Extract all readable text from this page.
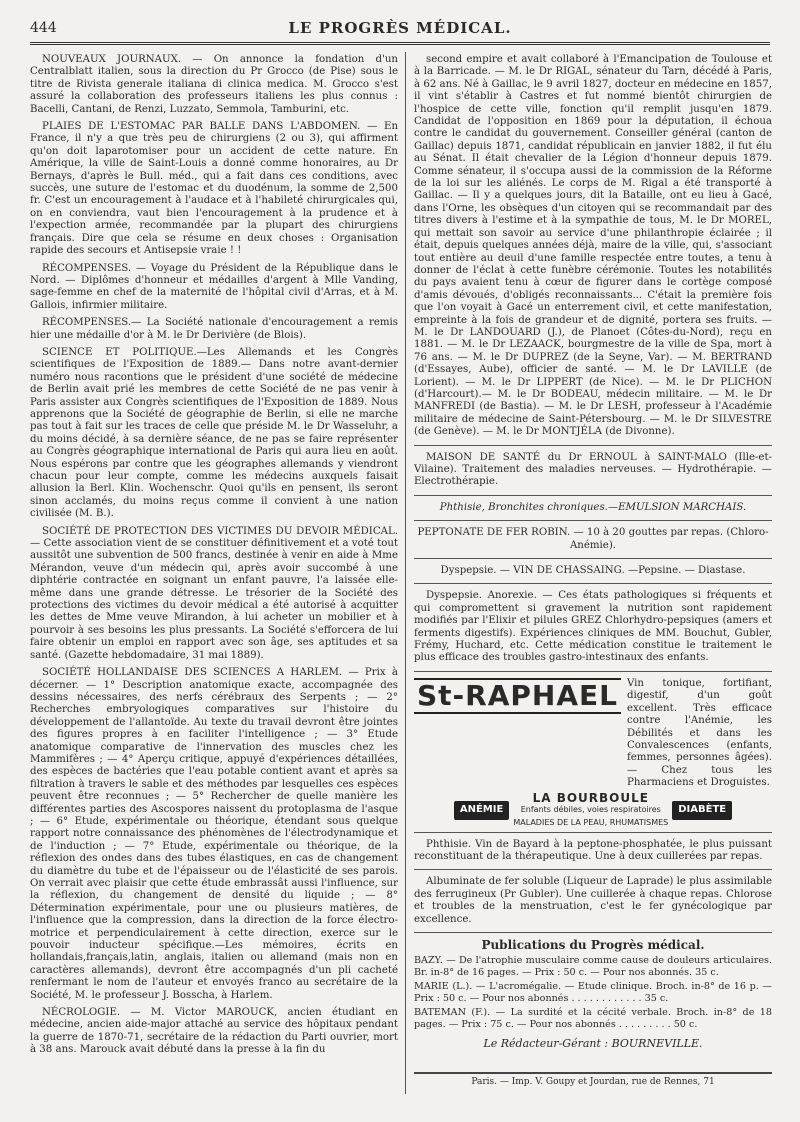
444	LE PROGRÈS MÉDICAL.

NOUVEAUX JOURNAUX. — On annonce la fondation d'un Centralblatt italien, sous la direction du Pr Grocco (de Pise) sous le titre de Rivista generale italiana di clinica medica. M. Grocco s'est assuré la collaboration des professeurs italiens les plus connus : Bacelli, Cantani, de Renzi, Luzzato, Semmola, Tamburini, etc.

PLAIES DE L'ESTOMAC PAR BALLE DANS L'ABDOMEN. — En France, il n'y a que très peu de chirurgiens (2 ou 3), qui affirment qu'on doit laparotomiser pour un accident de cette nature. En Amérique, la ville de Saint-Louis a donné comme honoraires, au Dr Bernays, d'après le Bull. méd., qui a fait dans ces conditions, avec succès, une suture de l'estomac et du duodénum, la somme de 2,500 fr. C'est un encouragement à l'audace et à l'habileté chirurgicales qui, on en conviendra, vaut bien l'encouragement à la prudence et à l'expection armée, recommandée par la plupart des chirurgiens français. Dire que cela se résume en deux choses : Organisation rapide des secours et Antisepsie vraie ! !

RÉCOMPENSES. — Voyage du Président de la République dans le Nord. — Diplômes d'honneur et médailles d'argent à Mlle Vanding, sage-femme en chef de la maternité de l'hôpital civil d'Arras, et à M. Gallois, infirmier militaire.

RÉCOMPENSES.— La Société nationale d'encouragement a remis hier une médaille d'or à M. le Dr Derivière (de Blois).

SCIENCE ET POLITIQUE.—Les Allemands et les Congrès scientifiques de l'Exposition de 1889.— Dans notre avant-dernier numéro nous racontions que le président d'une société de médecine de Berlin avait prié les membres de cette Société de ne pas venir à Paris assister aux Congrès scientifiques de l'Exposition de 1889. Nous apprenons que la Société de géographie de Berlin, si elle ne marche pas tout à fait sur les traces de celle que préside M. le Dr Wasseluhr, a du moins décidé, à sa dernière séance, de ne pas se faire représenter au Congrès géographique international de Paris qui aura lieu en août. Nous espérons par contre que les géographes allemands y viendront chacun pour leur compte, comme les médecins auxquels faisait allusion la Berl. Klin. Wochenschr. Quoi qu'ils en pensent, ils seront sinon acclamés, du moins reçus comme il convient à une nation civilisée (M. B.).

SOCIÉTÉ DE PROTECTION DES VICTIMES DU DEVOIR MÉDICAL. — Cette association vient de se constituer définitivement et a voté tout aussitôt une subvention de 500 francs, destinée à venir en aide à Mme Mérandon, veuve d'un médecin qui, après avoir succombé à une diphtérie contractée en soignant un enfant pauvre, l'a laissée elle-même dans une grande détresse. Le trésorier de la Société des protections des victimes du devoir médical a été autorisé à acquitter les dettes de Mme veuve Mirandon, à lui acheter un mobilier et à pourvoir à ses besoins les plus pressants. La Société s'efforcera de lui faire obtenir un emploi en rapport avec son âge, ses aptitudes et sa santé. (Gazette hebdomadaire, 31 mai 1889).

SOCIÉTÉ HOLLANDAISE DES SCIENCES A HARLEM. — Prix à décerner. — 1° Description anatomique exacte, accompagnée des dessins nécessaires, des nerfs cérébraux des Serpents ; — 2° Recherches embryologiques comparatives sur l'histoire du développement de l'allantoïde. Au texte du travail devront être jointes des figures propres à en faciliter l'intelligence ; — 3° Etude anatomique comparative de l'innervation des muscles chez les Mammifères ; — 4° Aperçu critique, appuyé d'expériences détaillées, des espèces de bactéries que l'eau potable contient avant et après sa filtration à travers le sable et des méthodes par lesquelles ces espèces peuvent être reconnues ; — 5° Rechercher de quelle manière les différentes parties des Ascospores naissent du protoplasma de l'asque ; — 6° Etude, expérimentale ou théorique, étendant sous quelque rapport notre connaissance des phénomènes de l'électrodynamique et de l'induction ; — 7° Etude, expérimentale ou théorique, de la réflexion des ondes dans des tubes élastiques, en cas de changement du diamètre du tube et de l'épaisseur ou de l'élasticité de ses parois. On verrait avec plaisir que cette étude embrassât aussi l'influence, sur la réflexion, du changement de densité du liquide ; — 8° Détermination expérimentale, pour une ou plusieurs matières, de l'influence que la compression, dans la direction de la force électro-motrice et perpendiculairement à cette direction, exerce sur le pouvoir inducteur spécifique.—Les mémoires, écrits en hollandais,français,latin, anglais, italien ou allemand (mais non en caractères allemands), devront être accompagnés d'un pli cacheté renfermant le nom de l'auteur et envoyés franco au secrétaire de la Société, M. le professeur J. Bosscha, à Harlem.

NÉCROLOGIE. — M. Victor MAROUCK, ancien étudiant en médecine, ancien aide-major attaché au service des hôpitaux pendant la guerre de 1870-71, secrétaire de la rédaction du Parti ouvrier, mort à 38 ans. Marouck avait débuté dans la presse à la fin du

second empire et avait collaboré à l'Emancipation de Toulouse et à la Barricade. — M. le Dr RIGAL, sénateur du Tarn, décédé à Paris, à 62 ans. Né à Gaillac, le 9 avril 1827, docteur en médecine en 1857, il vint s'établir à Castres et fut nommé bientôt chirurgien de l'hospice de cette ville, fonction qu'il remplit jusqu'en 1879. Candidat de l'opposition en 1869 pour la députation, il échoua contre le candidat du gouvernement. Conseiller général (canton de Gaillac) depuis 1871, candidat républicain en janvier 1882, il fut élu au Sénat. Il était chevalier de la Légion d'honneur depuis 1879. Comme sénateur, il s'occupa aussi de la commission de la Réforme de la loi sur les aliénés. Le corps de M. Rigal a été transporté à Gaillac. — Il y a quelques jours, dit la Bataille, ont eu lieu à Gacé, dans l'Orne, les obsèques d'un citoyen qui se recommandait par des titres divers à l'estime et à la sympathie de tous, M. le Dr MOREL, qui mettait son savoir au service d'une philanthropie éclairée ; il était, depuis quelques années déjà, maire de la ville, qui, s'associant tout entière au deuil d'une famille respectée entre toutes, a tenu à donner de l'éclat à cette funèbre cérémonie. Toutes les notabilités du pays avaient tenu à cœur de figurer dans le cortège composé d'amis dévoués, d'obligés reconnaissants... C'était la première fois que l'on voyait à Gacé un enterrement civil, et cette manifestation, empreinte à la fois de grandeur et de dignité, portera ses fruits. — M. le Dr LANDOUARD (J.), de Planoet (Côtes-du-Nord), reçu en 1881. — M. le Dr LEZAACK, bourgmestre de la ville de Spa, mort à 76 ans. — M. le Dr DUPREZ (de la Seyne, Var). — M. BERTRAND (d'Essayes, Aube), officier de santé. — M. le Dr LAVILLE (de Lorient). — M. le Dr LIPPERT (de Nice). — M. le Dr PLICHON (d'Harcourt).— M. le Dr BODEAU, médecin militaire. — M. le Dr MANFREDI (de Bastia). — M. le Dr LESH, professeur à l'Académie militaire de médecine de Saint-Pétersbourg. — M. le Dr SILVESTRE (de Genève). — M. le Dr MONTJÉLA (de Divonne).

MAISON DE SANTÉ du Dr ERNOUL à SAINT-MALO (Ille-et-Vilaine). Traitement des maladies nerveuses. — Hydrothérapie. — Electrothérapie.

Phthisie, Bronchites chroniques.—EMULSION MARCHAIS.

PEPTONATE DE FER ROBIN. — 10 à 20 gouttes par repas. (Chloro-Anémie).

Dyspepsie. — VIN DE CHASSAING. —Pepsine. — Diastase.

Dyspepsie. Anorexie. — Ces états pathologiques si fréquents et qui compromettent si gravement la nutrition sont rapidement modifiés par l'Elixir et pilules GREZ Chlorhydro-pepsiques (amers et ferments digestifs). Expériences cliniques de MM. Bouchut, Gubler, Frémy, Huchard, etc. Cette médication constitue le traitement le plus efficace des troubles gastro-intestinaux des enfants.

St-RAPHAEL Vin tonique, fortifiant, digestif, d'un goût excellent. Très efficace contre l'Anémie, les Débilités et dans les Convalescences (enfants, femmes, personnes âgées). — Chez tous les Pharmaciens et Droguistes.
ANÉMIE
LA BOURBOULE
Enfants débiles, voies respiratoires
MALADIES DE LA PEAU, RHUMATISMES
DIABÈTE

Phthisie. Vin de Bayard à la peptone-phosphatée, le plus puissant reconstituant de la thérapeutique. Une à deux cuillerées par repas.

Albuminate de fer soluble (Liqueur de Laprade) le plus assimilable des ferrugineux (Pr Gubler). Une cuillerée à chaque repas. Chlorose et troubles de la menstruation, c'est le fer gynécologique par excellence.

Publications du Progrès médical.

BAZY. — De l'atrophie musculaire comme cause de douleurs articulaires. Br. in-8° de 16 pages. — Prix : 50 c. — Pour nos abonnés. 35 c.

MARIE (L.). — L'acromégalie. — Etude clinique. Broch. in-8° de 16 p. — Prix : 50 c. — Pour nos abonnés . . . . . . . . . . . . 35 c.

BATEMAN (F.). — La surdité et la cécité verbale. Broch. in-8° de 18 pages. — Prix : 75 c. — Pour nos abonnés . . . . . . . . . 50 c.

Le Rédacteur-Gérant : BOURNEVILLE.

Paris. — Imp. V. Goupy et Jourdan, rue de Rennes, 71
